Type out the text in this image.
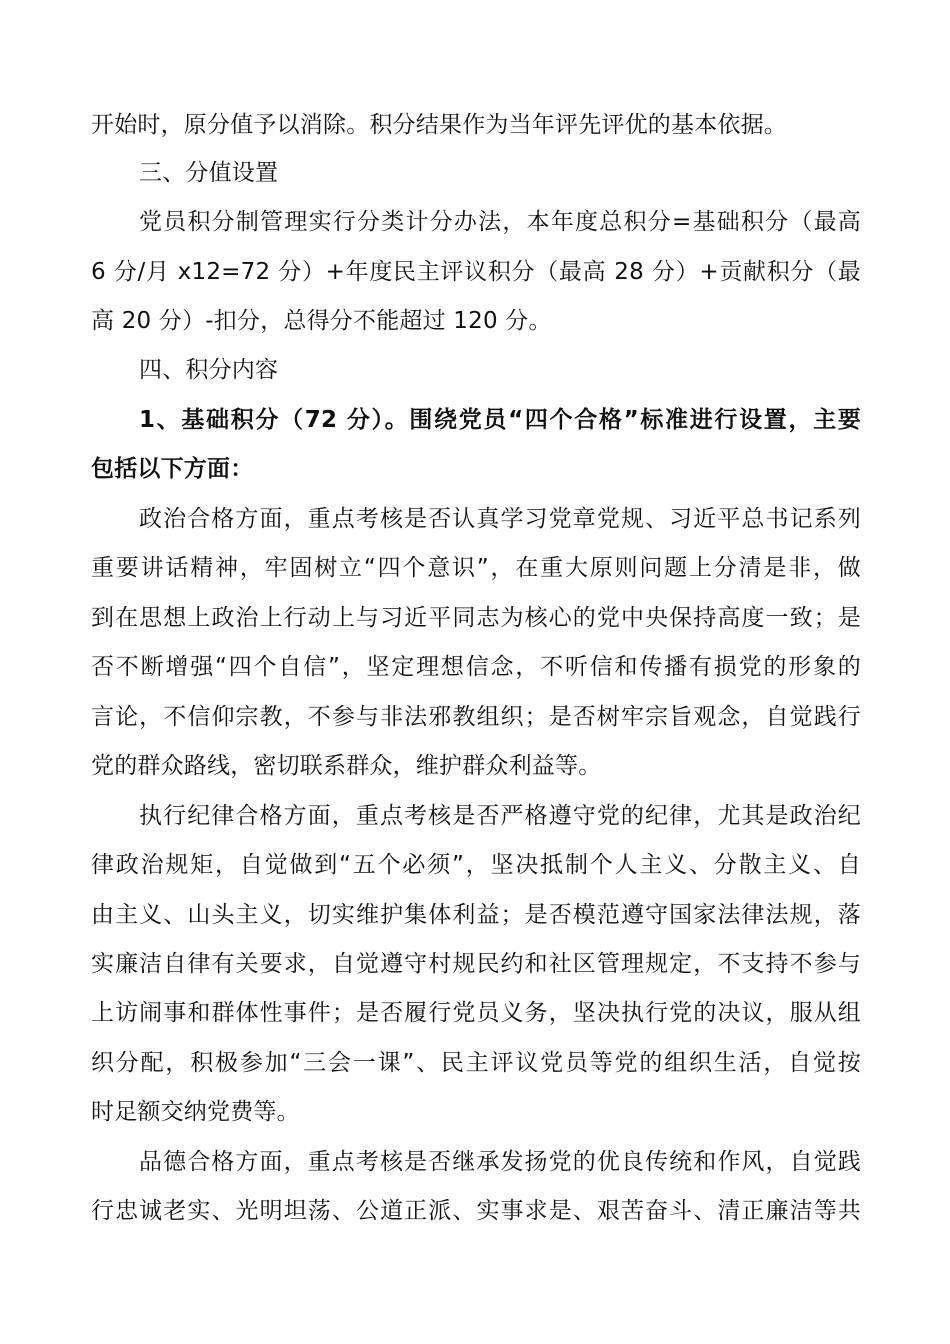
开始时，原分值予以消除。积分结果作为当年评先评优的基本依据。
三、分值设置
党员积分制管理实行分类计分办法，本年度总积分=基础积分（最高
6 分/月 x12=72 分）+年度民主评议积分（最高 28 分）+贡献积分（最
高 20 分）-扣分，总得分不能超过 120 分。
四、积分内容
1、基础积分（72 分）。围绕党员“四个合格”标准进行设置，主要
包括以下方面：
政治合格方面，重点考核是否认真学习党章党规、习近平总书记系列
重要讲话精神，牢固树立“四个意识”，在重大原则问题上分清是非，做
到在思想上政治上行动上与习近平同志为核心的党中央保持高度一致；是
否不断增强“四个自信”，坚定理想信念，不听信和传播有损党的形象的
言论，不信仰宗教，不参与非法邪教组织；是否树牢宗旨观念，自觉践行
党的群众路线，密切联系群众，维护群众利益等。
执行纪律合格方面，重点考核是否严格遵守党的纪律，尤其是政治纪
律政治规矩，自觉做到“五个必须”，坚决抵制个人主义、分散主义、自
由主义、山头主义，切实维护集体利益；是否模范遵守国家法律法规，落
实廉洁自律有关要求，自觉遵守村规民约和社区管理规定，不支持不参与
上访闹事和群体性事件；是否履行党员义务，坚决执行党的决议，服从组
织分配，积极参加“三会一课”、民主评议党员等党的组织生活，自觉按
时足额交纳党费等。
品德合格方面，重点考核是否继承发扬党的优良传统和作风，自觉践
行忠诚老实、光明坦荡、公道正派、实事求是、艰苦奋斗、清正廉洁等共
